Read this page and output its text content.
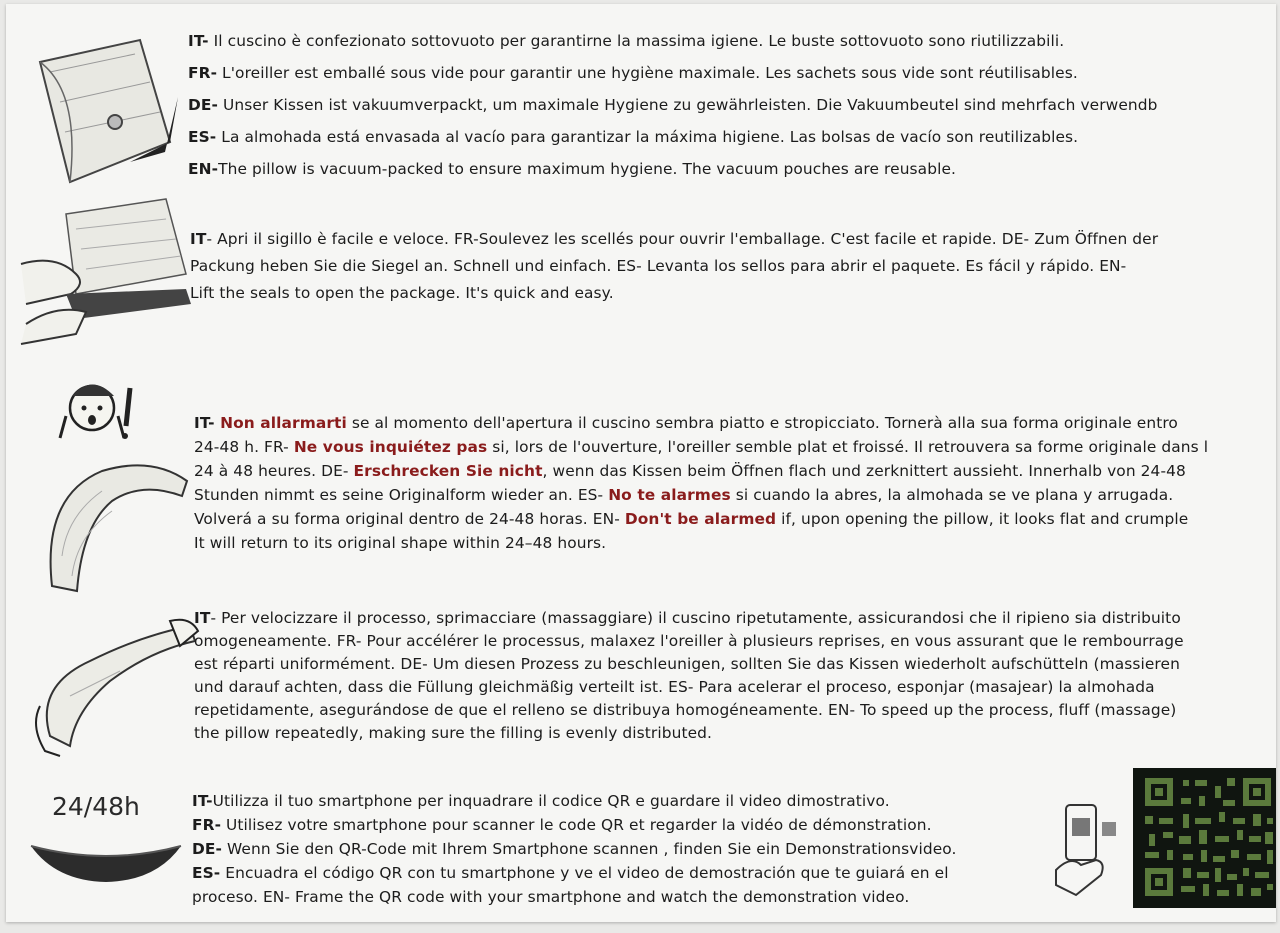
IT- Il cuscino è confezionato sottovuoto per garantirne la massima igiene. Le buste sottovuoto sono riutilizzabili.
FR- L'oreiller est emballé sous vide pour garantir une hygiène maximale. Les sachets sous vide sont réutilisables.
DE- Unser Kissen ist vakuumverpackt, um maximale Hygiene zu gewährleisten. Die Vakuumbeutel sind mehrfach verwendb
ES- La almohada está envasada al vacío para garantizar la máxima higiene. Las bolsas de vacío son reutilizables.
EN-The pillow is vacuum-packed to ensure maximum hygiene. The vacuum pouches are reusable.
IT- Apri il sigillo è facile e veloce. FR-Soulevez les scellés pour ouvrir l'emballage. C'est facile et rapide. DE- Zum Öffnen der
Packung heben Sie die Siegel an. Schnell und einfach. ES- Levanta los sellos para abrir el paquete. Es fácil y rápido. EN-
Lift the seals to open the package. It's quick and easy.
IT- Non allarmarti se al momento dell'apertura il cuscino sembra piatto e stropicciato. Tornerà alla sua forma originale entro
24-48 h. FR- Ne vous inquiétez pas si, lors de l'ouverture, l'oreiller semble plat et froissé. Il retrouvera sa forme originale dans l
24 à 48 heures. DE- Erschrecken Sie nicht, wenn das Kissen beim Öffnen flach und zerknittert aussieht. Innerhalb von 24-48
Stunden nimmt es seine Originalform wieder an. ES- No te alarmes si cuando la abres, la almohada se ve plana y arrugada.
Volverá a su forma original dentro de 24-48 horas. EN- Don't be alarmed if, upon opening the pillow, it looks flat and crumple
It will return to its original shape within 24–48 hours.
IT- Per velocizzare il processo, sprimacciare (massaggiare) il cuscino ripetutamente, assicurandosi che il ripieno sia distribuito
omogeneamente. FR- Pour accélérer le processus, malaxez l'oreiller à plusieurs reprises, en vous assurant que le rembourrage
est réparti uniformément. DE- Um diesen Prozess zu beschleunigen, sollten Sie das Kissen wiederholt aufschütteln (massieren
und darauf achten, dass die Füllung gleichmäßig verteilt ist. ES- Para acelerar el proceso, esponjar (masajear) la almohada
repetidamente, asegurándose de que el relleno se distribuya homogéneamente. EN- To speed up the process, fluff (massage)
the pillow repeatedly, making sure the filling is evenly distributed.
24/48h	IT-Utilizza il tuo smartphone per inquadrare il codice QR e guardare il video dimostrativo.
FR- Utilisez votre smartphone pour scanner le code QR et regarder la vidéo de démonstration.
DE- Wenn Sie den QR-Code mit Ihrem Smartphone scannen , finden Sie ein Demonstrationsvideo.
ES- Encuadra el código QR con tu smartphone y ve el video de demostración que te guiará en el
proceso. EN- Frame the QR code with your smartphone and watch the demonstration video.
